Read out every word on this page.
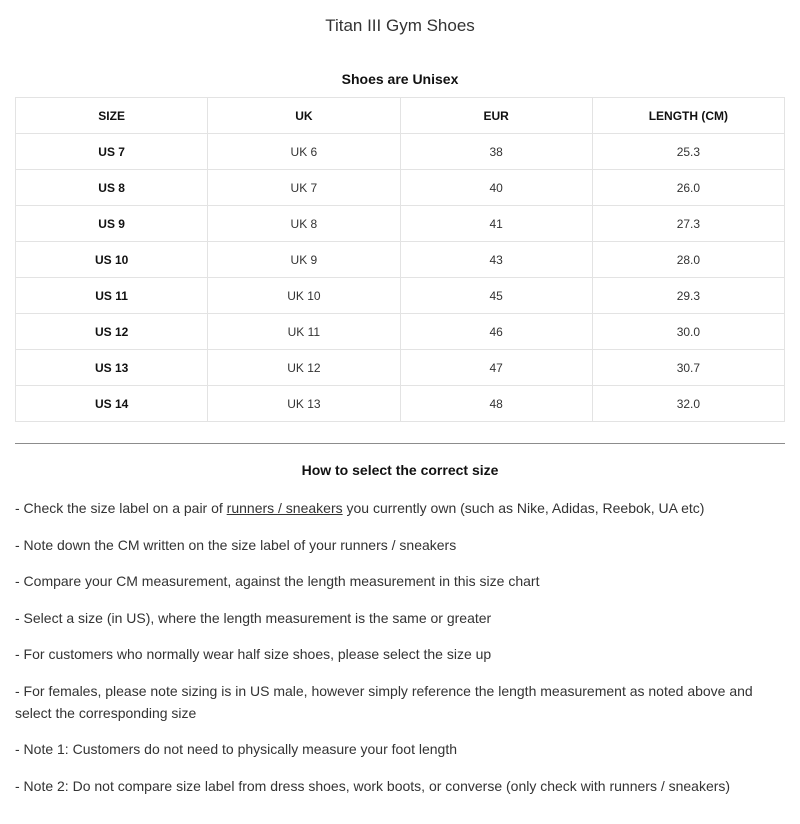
Titan III Gym Shoes
Shoes are Unisex
SIZE	UK	EUR	LENGTH (CM)
US 7	UK 6	38	25.3
US 8	UK 7	40	26.0
US 9	UK 8	41	27.3
US 10	UK 9	43	28.0
US 11	UK 10	45	29.3
US 12	UK 11	46	30.0
US 13	UK 12	47	30.7
US 14	UK 13	48	32.0
How to select the correct size
- Check the size label on a pair of runners / sneakers you currently own (such as Nike, Adidas, Reebok, UA etc)
- Note down the CM written on the size label of your runners / sneakers
- Compare your CM measurement, against the length measurement in this size chart
- Select a size (in US), where the length measurement is the same or greater
- For customers who normally wear half size shoes, please select the size up
- For females, please note sizing is in US male, however simply reference the length measurement as noted above and select the corresponding size
- Note 1: Customers do not need to physically measure your foot length
- Note 2: Do not compare size label from dress shoes, work boots, or converse (only check with runners / sneakers)
